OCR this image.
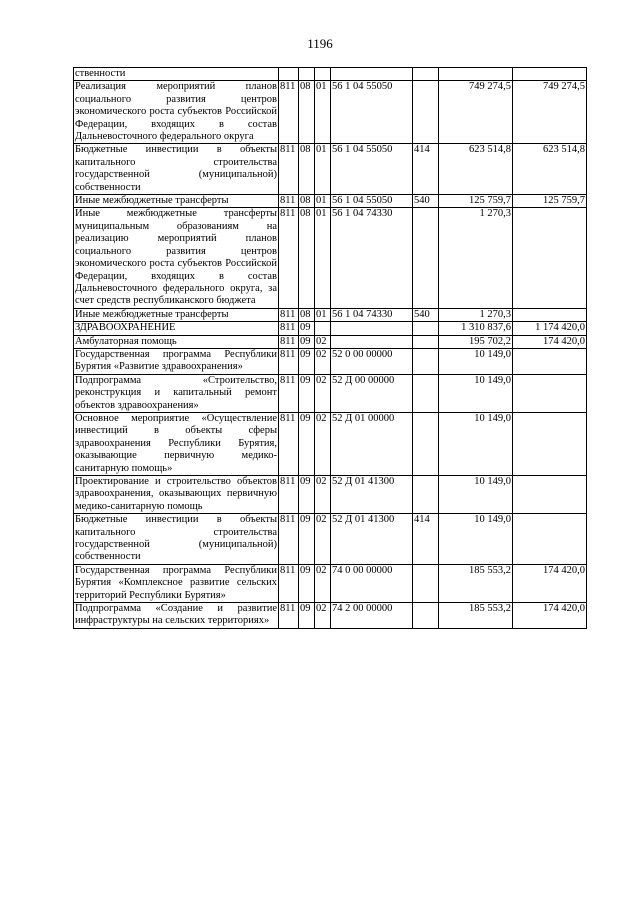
1196
ственности							
Реализация мероприятий планов социального развития центров экономического роста субъектов Российской Федерации, входящих в состав Дальневосточного федерального округа	811	08	01	56 1 04 55050		749 274,5	749 274,5
Бюджетные инвестиции в объекты капитального строительства государственной (муниципальной) собственности	811	08	01	56 1 04 55050	414	623 514,8	623 514,8
Иные межбюджетные трансферты	811	08	01	56 1 04 55050	540	125 759,7	125 759,7
Иные межбюджетные трансферты муниципальным образованиям на реализацию мероприятий планов социального развития центров экономического роста субъектов Российской Федерации, входящих в состав Дальневосточного федерального округа, за счет средств республиканского бюджета	811	08	01	56 1 04 74330		1 270,3	
Иные межбюджетные трансферты	811	08	01	56 1 04 74330	540	1 270,3	
ЗДРАВООХРАНЕНИЕ	811	09				1 310 837,6	1 174 420,0
Амбулаторная помощь	811	09	02			195 702,2	174 420,0
Государственная программа Республики Бурятия «Развитие здравоохранения»	811	09	02	52 0 00 00000		10 149,0	
Подпрограмма «Строительство, реконструкция и капитальный ремонт объектов здравоохранения»	811	09	02	52 Д 00 00000		10 149,0	
Основное мероприятие «Осуществление инвестиций в объекты сферы здравоохранения Республики Бурятия, оказывающие первичную медико-санитарную помощь»	811	09	02	52 Д 01 00000		10 149,0	
Проектирование и строительство объектов здравоохранения, оказывающих первичную медико-санитарную помощь	811	09	02	52 Д 01 41300		10 149,0	
Бюджетные инвестиции в объекты капитального строительства государственной (муниципальной) собственности	811	09	02	52 Д 01 41300	414	10 149,0	
Государственная программа Республики Бурятия «Комплексное развитие сельских территорий Республики Бурятия»	811	09	02	74 0 00 00000		185 553,2	174 420,0
Подпрограмма «Создание и развитие инфраструктуры на сельских территориях»	811	09	02	74 2 00 00000		185 553,2	174 420,0
